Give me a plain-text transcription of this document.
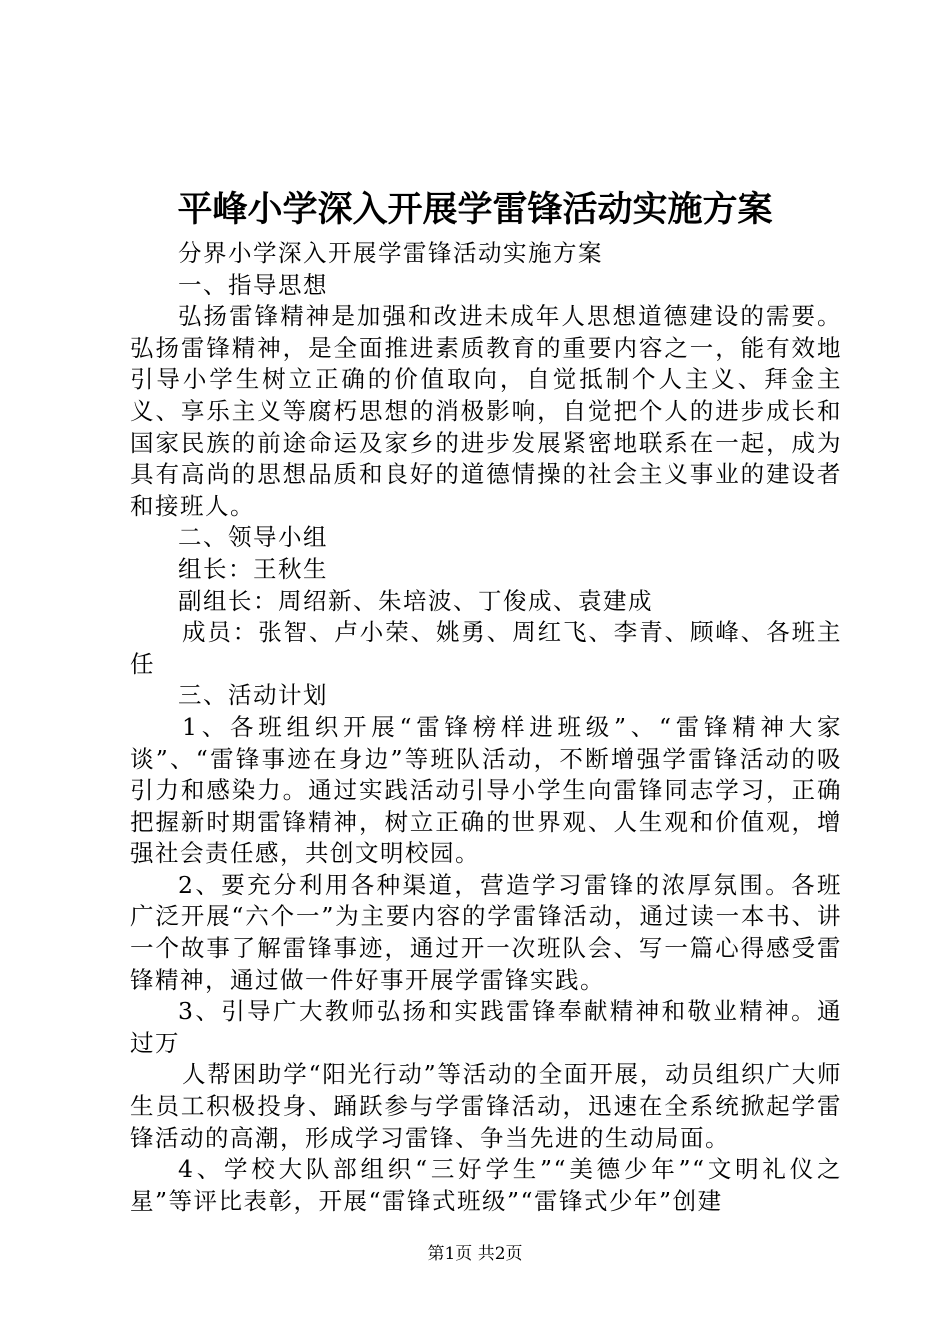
平峰小学深入开展学雷锋活动实施方案

分界小学深入开展学雷锋活动实施方案

一、指导思想

弘扬雷锋精神是加强和改进未成年人思想道德建设的需要。弘扬雷锋精神，是全面推进素质教育的重要内容之一，能有效地引导小学生树立正确的价值取向，自觉抵制个人主义、拜金主义、享乐主义等腐朽思想的消极影响，自觉把个人的进步成长和国家民族的前途命运及家乡的进步发展紧密地联系在一起，成为具有高尚的思想品质和良好的道德情操的社会主义事业的建设者和接班人。

二、领导小组

组长：王秋生

副组长：周绍新、朱培波、丁俊成、袁建成

成员：张智、卢小荣、姚勇、周红飞、李青、顾峰、各班主任

三、活动计划

1、各班组织开展“雷锋榜样进班级”、“雷锋精神大家谈”、“雷锋事迹在身边”等班队活动，不断增强学雷锋活动的吸引力和感染力。通过实践活动引导小学生向雷锋同志学习，正确把握新时期雷锋精神，树立正确的世界观、人生观和价值观，增强社会责任感，共创文明校园。

2、要充分利用各种渠道，营造学习雷锋的浓厚氛围。各班广泛开展“六个一”为主要内容的学雷锋活动，通过读一本书、讲一个故事了解雷锋事迹，通过开一次班队会、写一篇心得感受雷锋精神，通过做一件好事开展学雷锋实践。

3、引导广大教师弘扬和实践雷锋奉献精神和敬业精神。通过万

人帮困助学“阳光行动”等活动的全面开展，动员组织广大师生员工积极投身、踊跃参与学雷锋活动，迅速在全系统掀起学雷锋活动的高潮，形成学习雷锋、争当先进的生动局面。

4、学校大队部组织“三好学生”“美德少年”“文明礼仪之星”等评比表彰，开展“雷锋式班级”“雷锋式少年”创建

第1页 共2页
